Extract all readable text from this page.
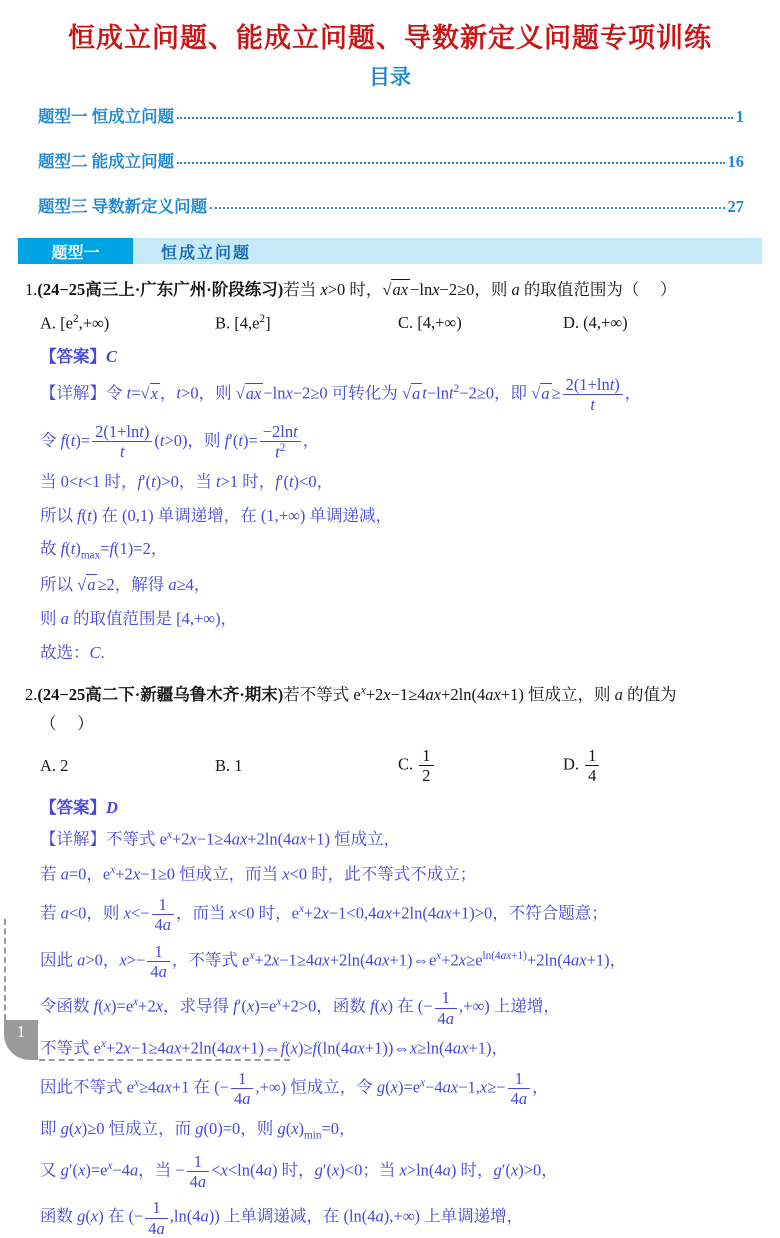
恒成立问题、能成立问题、导数新定义问题专项训练
目录
题型一 恒成立问题	1
题型二 能成立问题	16
题型三 导数新定义问题	27
题型一	恒成立问题

1.(24−25高三上·广东广州·阶段练习)若当 x>0 时，√ax −lnx−2≥0，则 a 的取值范围为（     ）

A. $[e^2,+\infty)$	B. $[4,e^2]$	C. [4,+∞)	D. (4,+∞)

【答案】C

【详解】令 t=√x ，t>0，则 √ax −lnx−2≥0 可转化为 √a t−lnt$^2$−2≥0，即 $√a \ge \frac{2(1+\ln t)}{t}$ ，

令 $f(t)= \frac{2(1+\ln t)}{t} (t>0)$，则 $f'(t)= \frac{-2\ln t}{t^2}$ ，

当 0<t<1 时，f′(t)>0，当 t>1 时，f′(t)<0，

所以 f(t) 在 (0,1) 单调递增，在 (1,+∞) 单调递减，

故 $f(t)_{max}=f(1)=2$，

所以 √a ≥2，解得 a≥4，

则 a 的取值范围是 [4,+∞)，

故选：C.

2.(24−25高二下·新疆乌鲁木齐·期末)若不等式 $e^x+2x-1\ge 4ax+2\ln(4ax+1)$ 恒成立，则 a 的值为

（     ）

A. 2	B. 1	C. $\frac{1}{2}$	D. $\frac{1}{4}$

【答案】D

【详解】不等式 $e^x+2x-1\ge 4ax+2\ln(4ax+1)$ 恒成立，

若 a=0，$e^x+2x-1\ge 0$ 恒成立，而当 x<0 时，此不等式不成立；

若 a<0，则 $x<- \frac{1}{4a}$ ，而当 x<0 时，$e^x+2x-1<0,4ax+2\ln(4ax+1)>0$，不符合题意；

因此 a>0，$x>- \frac{1}{4a}$ ，不等式 $e^x+2x-1\ge 4ax+2\ln(4ax+1)\Leftrightarrow e^x+2x\ge e^{ln(4ax+1)}+2\ln(4ax+1)$，

令函数 $f(x)=e^x+2x$，求导得 $f'(x)=e^x+2>0$，函数 f(x) 在 (− $\frac{1}{4a}$ ,+∞) 上递增，

不等式 $e^x+2x-1\ge 4ax+2\ln(4ax+1)\Leftrightarrow f(x)\ge f(\ln(4ax+1))\Leftrightarrow x\ge\ln(4ax+1)$，

因此不等式 $e^x\ge 4ax+1$ 在 (− $\frac{1}{4a}$ ,+∞) 恒成立，令 $g(x)=e^x-4ax-1,x\ge- \frac{1}{4a}$ ，

即 g(x)≥0 恒成立，而 g(0)=0，则 $g(x)_{min}=0$，

又 $g'(x)=e^x-4a$，当 − $\frac{1}{4a} <x<\ln(4a)$ 时，g′(x)<0；当 x>ln(4a) 时，g′(x)>0，

函数 g(x) 在 (− $\frac{1}{4a} ,\ln(4a)$) 上单调递减，在 (ln(4a),+∞) 上单调递增，

1
